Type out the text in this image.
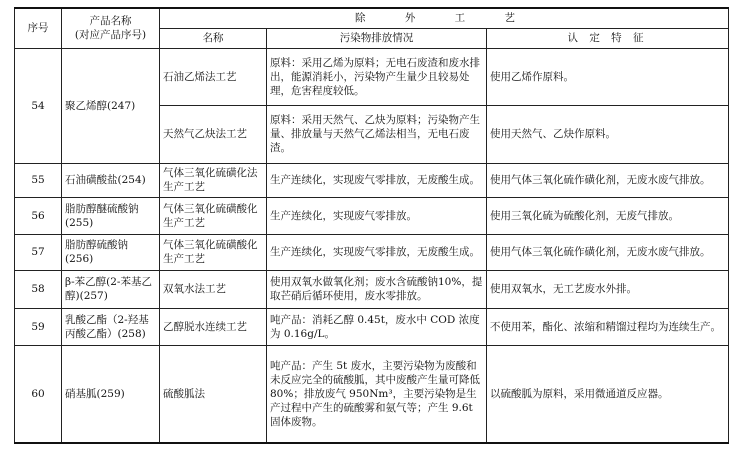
序号	产品名称
(对应产品序号)	除 外 工 艺		
		名称	污染物排放情况	认 定 特 征
54	聚乙烯醇(247)	石油乙烯法工艺	原料：采用乙烯为原料；无电石废渣和废水排出，能源消耗小，污染物产生量少且较易处理，危害程度较低。	使用乙烯作原料。
		天然气乙炔法工艺	原料：采用天然气、乙炔为原料；污染物产生量、排放量与天然气乙烯法相当，无电石废渣。	使用天然气、乙炔作原料。
55	石油磺酸盐(254)	气体三氧化硫磺化法生产工艺	生产连续化，实现废气零排放，无废酸生成。	使用气体三氧化硫作磺化剂，无废水废气排放。
56	脂肪醇醚硫酸钠(255)	气体三氧化硫磺酸化生产工艺	生产连续化，实现废气零排放。	使用三氧化硫为硫酸化剂，无废气排放。
57	脂肪醇硫酸钠(256)	气体三氧化硫磺酸化生产工艺	生产连续化，实现废气零排放，无废酸生成。	使用气体三氧化硫作磺化剂，无废水废气排放。
58	β-苯乙醇(2-苯基乙醇)(257)	双氧水法工艺	使用双氧水做氧化剂；废水含硫酸钠10%，提取芒硝后循环使用，废水零排放。	使用双氧水，无工艺废水外排。
59	乳酸乙酯（2-羟基丙酸乙酯）(258)	乙醇脱水连续工艺	吨产品：消耗乙醇 0.45t，废水中 COD 浓度为 0.16g/L。	不使用苯，酯化、浓缩和精馏过程均为连续生产。
60	硝基胍(259)	硫酸胍法	吨产品：产生 5t 废水，主要污染物为废酸和未反应完全的硫酸胍，其中废酸产生量可降低 80%；排放废气 950Nm³，主要污染物是生产过程中产生的硫酸雾和氨气等；产生 9.6t 固体废物。	以硫酸胍为原料，采用微通道反应器。
